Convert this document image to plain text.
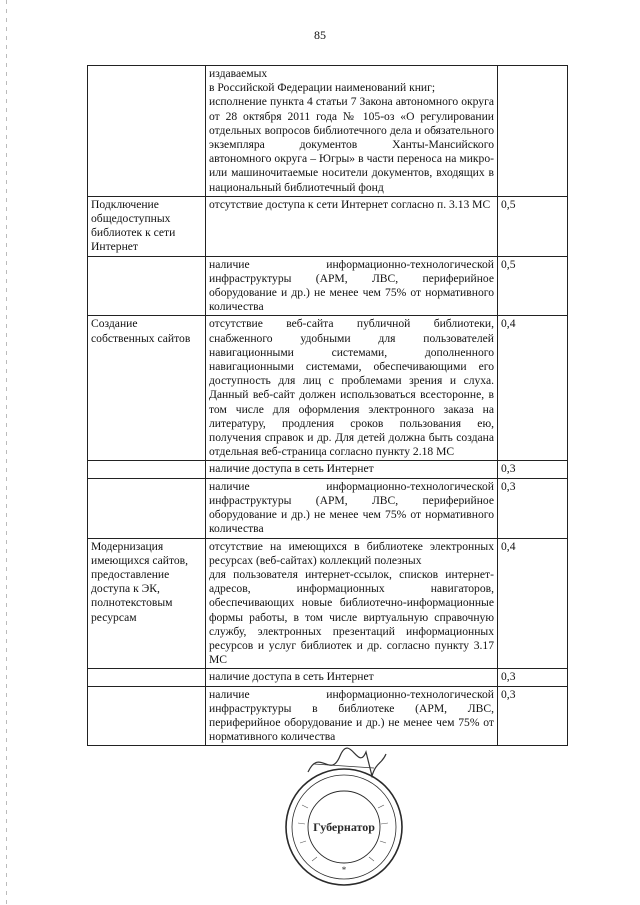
85

	издаваемых
в Российской Федерации наименований книг;
исполнение пункта 4 статьи 7 Закона автономного округа от 28 октября 2011 года № 105-оз «О регулировании отдельных вопросов библиотечного дела и обязательного экземпляра документов Ханты-Мансийского автономного округа – Югры» в части переноса на микро- или машиночитаемые носители документов, входящих в национальный библиотечный фонд	

Подключение общедоступных библиотек к сети Интернет	отсутствие доступа к сети Интернет согласно п. 3.13 МС	0,5

	наличие информационно-технологической инфраструктуры (АРМ, ЛВС, периферийное оборудование и др.) не менее чем 75% от нормативного количества	0,5
Создание собственных сайтов	отсутствие веб-сайта публичной библиотеки, снабженного удобными для пользователей навигационными системами, дополненного навигационными системами, обеспечивающими его доступность для лиц с проблемами зрения и слуха. Данный веб-сайт должен использоваться всесторонне, в том числе для оформления электронного заказа на литературу, продления сроков пользования ею, получения справок и др. Для детей должна быть создана отдельная веб-страница согласно пункту 2.18 МС	0,4

	наличие доступа в сеть Интернет	0,3

	наличие информационно-технологической инфраструктуры (АРМ, ЛВС, периферийное оборудование и др.) не менее чем 75% от нормативного количества	0,3
Модернизация имеющихся сайтов, предоставление доступа к ЭК, полнотекстовым ресурсам	отсутствие на имеющихся в библиотеке электронных ресурсах (веб-сайтах) коллекций полезных
для пользователя интернет-ссылок, списков интернет-адресов, информационных навигаторов, обеспечивающих новые библиотечно-информационные формы работы, в том числе виртуальную справочную службу, электронных презентаций информационных ресурсов и услуг библиотек и др. согласно пункту 3.17 МС	0,4

	наличие доступа в сеть Интернет	0,3

	наличие информационно-технологической инфраструктуры в библиотеке (АРМ, ЛВС, периферийное оборудование и др.) не менее чем 75% от нормативного количества	0,3
Губернатор
*
